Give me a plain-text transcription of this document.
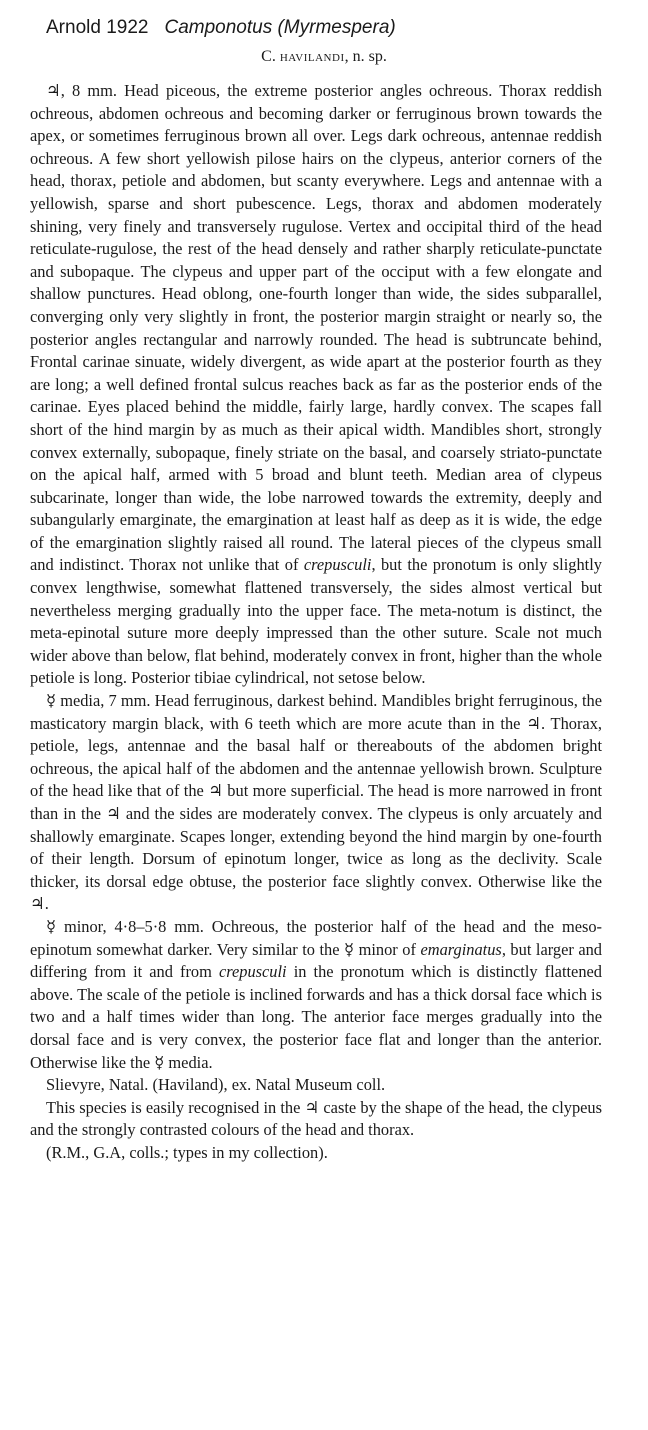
Arnold 1922 Camponotus (Myrmespera)
C. havilandi, n. sp.

♃, 8 mm. Head piceous, the extreme posterior angles ochreous. Thorax reddish ochreous, abdomen ochreous and becoming darker or ferruginous brown towards the apex, or sometimes ferruginous brown all over. Legs dark ochreous, antennae reddish ochreous. A few short yellowish pilose hairs on the clypeus, anterior corners of the head, thorax, petiole and abdomen, but scanty everywhere. Legs and antennae with a yellowish, sparse and short pubescence. Legs, thorax and abdomen moderately shining, very finely and transversely rugulose. Vertex and occipital third of the head reticulate-rugulose, the rest of the head densely and rather sharply reticulate-punctate and subopaque. The clypeus and upper part of the occiput with a few elongate and shallow punctures. Head oblong, one-fourth longer than wide, the sides subparallel, converging only very slightly in front, the posterior margin straight or nearly so, the posterior angles rectangular and narrowly rounded. The head is subtruncate behind, Frontal carinae sinuate, widely divergent, as wide apart at the posterior fourth as they are long; a well defined frontal sulcus reaches back as far as the posterior ends of the carinae. Eyes placed behind the middle, fairly large, hardly convex. The scapes fall short of the hind margin by as much as their apical width. Mandibles short, strongly convex externally, subopaque, finely striate on the basal, and coarsely striato-punctate on the apical half, armed with 5 broad and blunt teeth. Median area of clypeus subcarinate, longer than wide, the lobe narrowed towards the extremity, deeply and subangularly emarginate, the emargination at least half as deep as it is wide, the edge of the emargination slightly raised all round. The lateral pieces of the clypeus small and indistinct. Thorax not unlike that of crepusculi, but the pronotum is only slightly convex lengthwise, somewhat flattened transversely, the sides almost vertical but nevertheless merging gradually into the upper face. The meta-notum is distinct, the meta-epinotal suture more deeply impressed than the other suture. Scale not much wider above than below, flat behind, moderately convex in front, higher than the whole petiole is long. Posterior tibiae cylindrical, not setose below.

☿ media, 7 mm. Head ferruginous, darkest behind. Mandibles bright ferruginous, the masticatory margin black, with 6 teeth which are more acute than in the ♃. Thorax, petiole, legs, antennae and the basal half or thereabouts of the abdomen bright ochreous, the apical half of the abdomen and the antennae yellowish brown. Sculpture of the head like that of the ♃ but more superficial. The head is more narrowed in front than in the ♃ and the sides are moderately convex. The clypeus is only arcuately and shallowly emarginate. Scapes longer, extending beyond the hind margin by one-fourth of their length. Dorsum of epinotum longer, twice as long as the declivity. Scale thicker, its dorsal edge obtuse, the posterior face slightly convex. Otherwise like the ♃.

☿ minor, 4·8–5·8 mm. Ochreous, the posterior half of the head and the meso-epinotum somewhat darker. Very similar to the ☿ minor of emarginatus, but larger and differing from it and from crepusculi in the pronotum which is distinctly flattened above. The scale of the petiole is inclined forwards and has a thick dorsal face which is two and a half times wider than long. The anterior face merges gradually into the dorsal face and is very convex, the posterior face flat and longer than the anterior. Otherwise like the ☿ media.

Slievyre, Natal. (Haviland), ex. Natal Museum coll.

This species is easily recognised in the ♃ caste by the shape of the head, the clypeus and the strongly contrasted colours of the head and thorax.

(R.M., G.A, colls.; types in my collection).
